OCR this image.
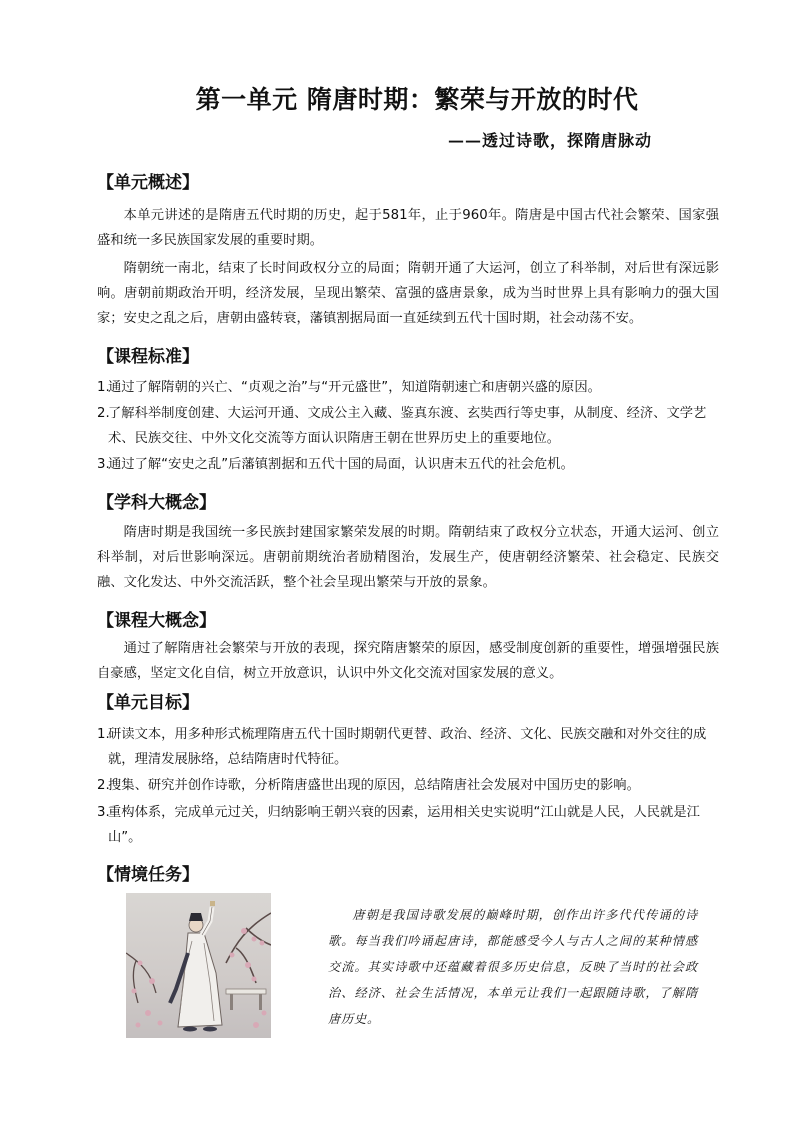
第一单元 隋唐时期：繁荣与开放的时代
——透过诗歌，探隋唐脉动
【单元概述】
本单元讲述的是隋唐五代时期的历史，起于581年，止于960年。隋唐是中国古代社会繁荣、国家强盛和统一多民族国家发展的重要时期。
隋朝统一南北，结束了长时间政权分立的局面；隋朝开通了大运河，创立了科举制，对后世有深远影响。唐朝前期政治开明，经济发展，呈现出繁荣、富强的盛唐景象，成为当时世界上具有影响力的强大国家；安史之乱之后，唐朝由盛转衰，藩镇割据局面一直延续到五代十国时期，社会动荡不安。
【课程标准】
1.通过了解隋朝的兴亡、“贞观之治”与“开元盛世”，知道隋朝速亡和唐朝兴盛的原因。
2.
了解科举制度创建、大运河开通、文成公主入藏、鉴真东渡、玄奘西行等史事，从制度、经济、文学艺术、民族交往、中外文化交流等方面认识隋唐王朝在世界历史上的重要地位。
3.通过了解“安史之乱”后藩镇割据和五代十国的局面，认识唐末五代的社会危机。
【学科大概念】
隋唐时期是我国统一多民族封建国家繁荣发展的时期。隋朝结束了政权分立状态，开通大运河、创立科举制，对后世影响深远。唐朝前期统治者励精图治，发展生产，使唐朝经济繁荣、社会稳定、民族交融、文化发达、中外交流活跃，整个社会呈现出繁荣与开放的景象。
【课程大概念】
通过了解隋唐社会繁荣与开放的表现，探究隋唐繁荣的原因，感受制度创新的重要性，增强增强民族自豪感，坚定文化自信，树立开放意识，认识中外文化交流对国家发展的意义。
【单元目标】
1.
研读文本，用多种形式梳理隋唐五代十国时期朝代更替、政治、经济、文化、民族交融和对外交往的成就，理清发展脉络，总结隋唐时代特征。
2.搜集、研究并创作诗歌，分析隋唐盛世出现的原因，总结隋唐社会发展对中国历史的影响。
3.
重构体系，完成单元过关，归纳影响王朝兴衰的因素，运用相关史实说明“江山就是人民，人民就是江山”。
【情境任务】
唐朝是我国诗歌发展的巅峰时期，创作出许多代代传诵的诗歌。每当我们吟诵起唐诗，都能感受今人与古人之间的某种情感交流。其实诗歌中还蕴藏着很多历史信息，反映了当时的社会政治、经济、社会生活情况，本单元让我们一起跟随诗歌，了解隋唐历史。
